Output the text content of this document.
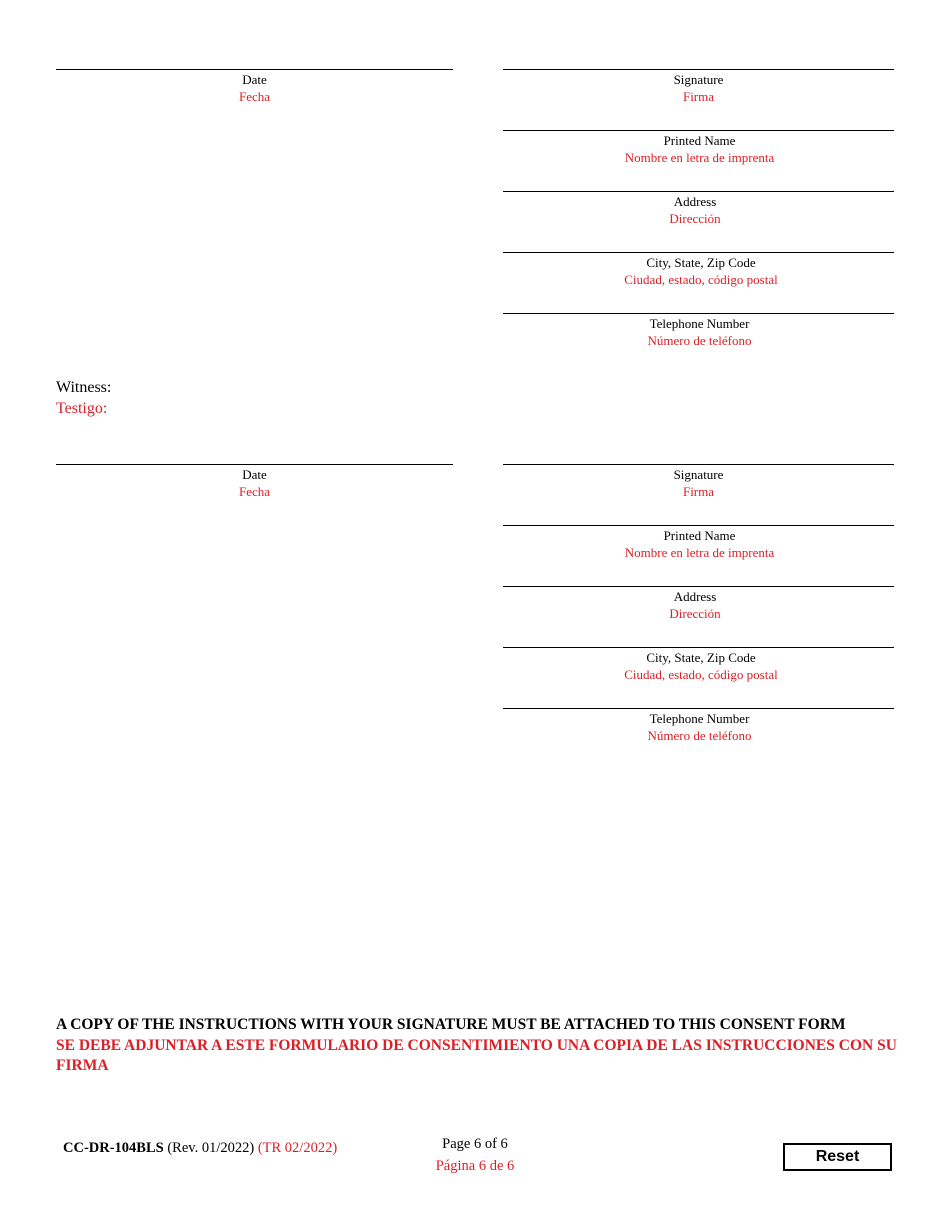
Date
Fecha
Signature
Firma
Printed Name
Nombre en letra de imprenta
Address
Dirección
City, State, Zip Code
Ciudad, estado, código postal
Telephone Number
Número de teléfono
Witness:
Testigo:
Date
Fecha
Signature
Firma
Printed Name
Nombre en letra de imprenta
Address
Dirección
City, State, Zip Code
Ciudad, estado, código postal
Telephone Number
Número de teléfono
A COPY OF THE INSTRUCTIONS WITH YOUR SIGNATURE MUST BE ATTACHED TO THIS CONSENT FORM
SE DEBE ADJUNTAR A ESTE FORMULARIO DE CONSENTIMIENTO UNA COPIA DE LAS INSTRUCCIONES CON SU FIRMA
CC-DR-104BLS (Rev. 01/2022) (TR 02/2022)	Page 6 of 6
Página 6 de 6
Reset
